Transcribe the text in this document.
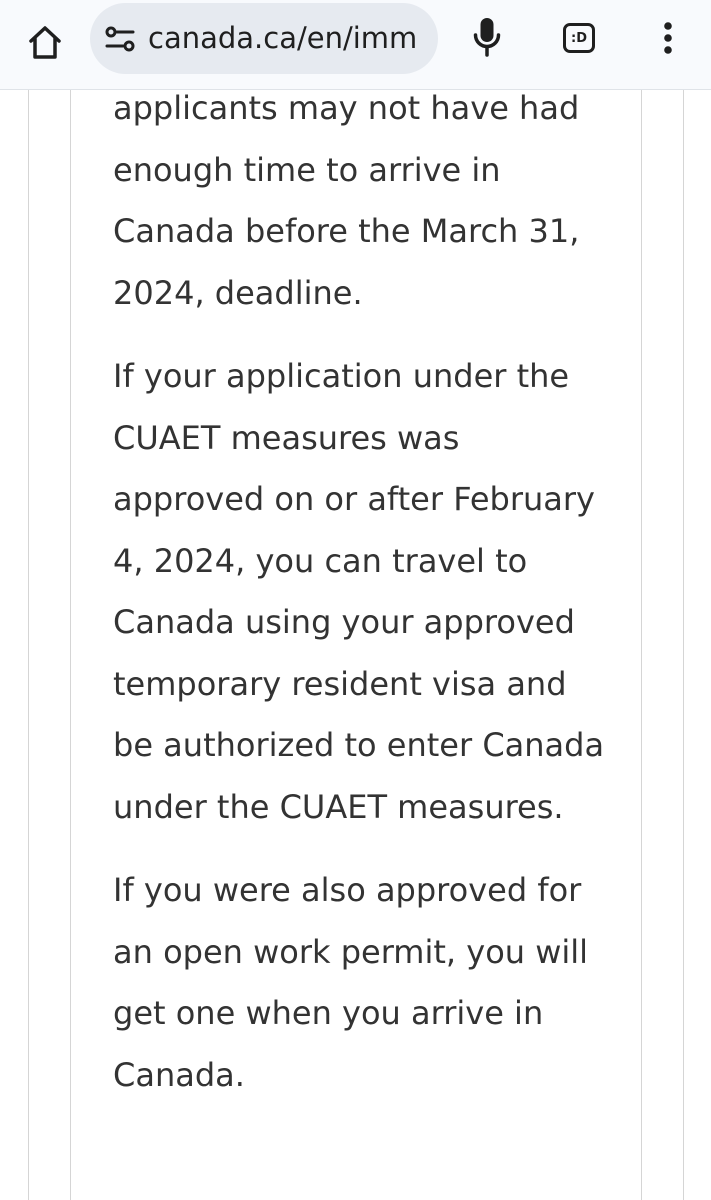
canada.ca/en/imm	:D

applicants may not have had enough time to arrive in Canada before the March 31, 2024, deadline.

If your application under the CUAET measures was approved on or after February 4, 2024, you can travel to Canada using your approved temporary resident visa and be authorized to enter Canada under the CUAET measures.

If you were also approved for an open work permit, you will get one when you arrive in Canada.
